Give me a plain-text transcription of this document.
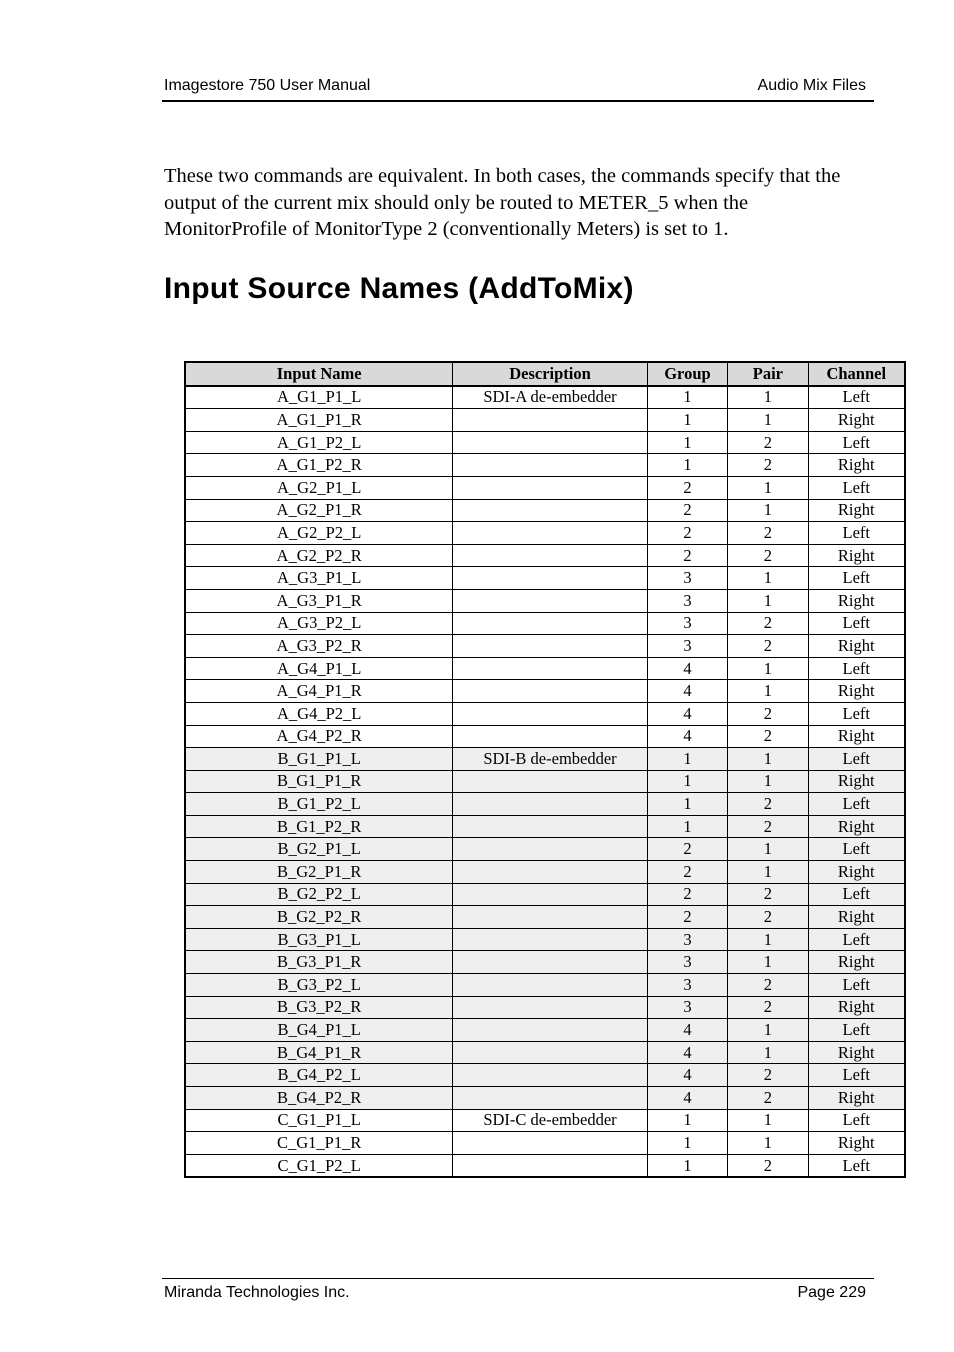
Imagestore 750 User Manual	Audio Mix Files

These two commands are equivalent. In both cases, the commands specify that the output of the current mix should only be routed to METER_5 when the MonitorProfile of MonitorType 2 (conventionally Meters) is set to 1.

Input Source Names (AddToMix)
Input Name	Description	Group	Pair	Channel
A_G1_P1_L	SDI-A de-embedder	1	1	Left
A_G1_P1_R		1	1	Right
A_G1_P2_L		1	2	Left
A_G1_P2_R		1	2	Right
A_G2_P1_L		2	1	Left
A_G2_P1_R		2	1	Right
A_G2_P2_L		2	2	Left
A_G2_P2_R		2	2	Right
A_G3_P1_L		3	1	Left
A_G3_P1_R		3	1	Right
A_G3_P2_L		3	2	Left
A_G3_P2_R		3	2	Right
A_G4_P1_L		4	1	Left
A_G4_P1_R		4	1	Right
A_G4_P2_L		4	2	Left
A_G4_P2_R		4	2	Right
B_G1_P1_L	SDI-B de-embedder	1	1	Left
B_G1_P1_R		1	1	Right
B_G1_P2_L		1	2	Left
B_G1_P2_R		1	2	Right
B_G2_P1_L		2	1	Left
B_G2_P1_R		2	1	Right
B_G2_P2_L		2	2	Left
B_G2_P2_R		2	2	Right
B_G3_P1_L		3	1	Left
B_G3_P1_R		3	1	Right
B_G3_P2_L		3	2	Left
B_G3_P2_R		3	2	Right
B_G4_P1_L		4	1	Left
B_G4_P1_R		4	1	Right
B_G4_P2_L		4	2	Left
B_G4_P2_R		4	2	Right
C_G1_P1_L	SDI-C de-embedder	1	1	Left
C_G1_P1_R		1	1	Right
C_G1_P2_L		1	2	Left
Miranda Technologies Inc.	Page 229
